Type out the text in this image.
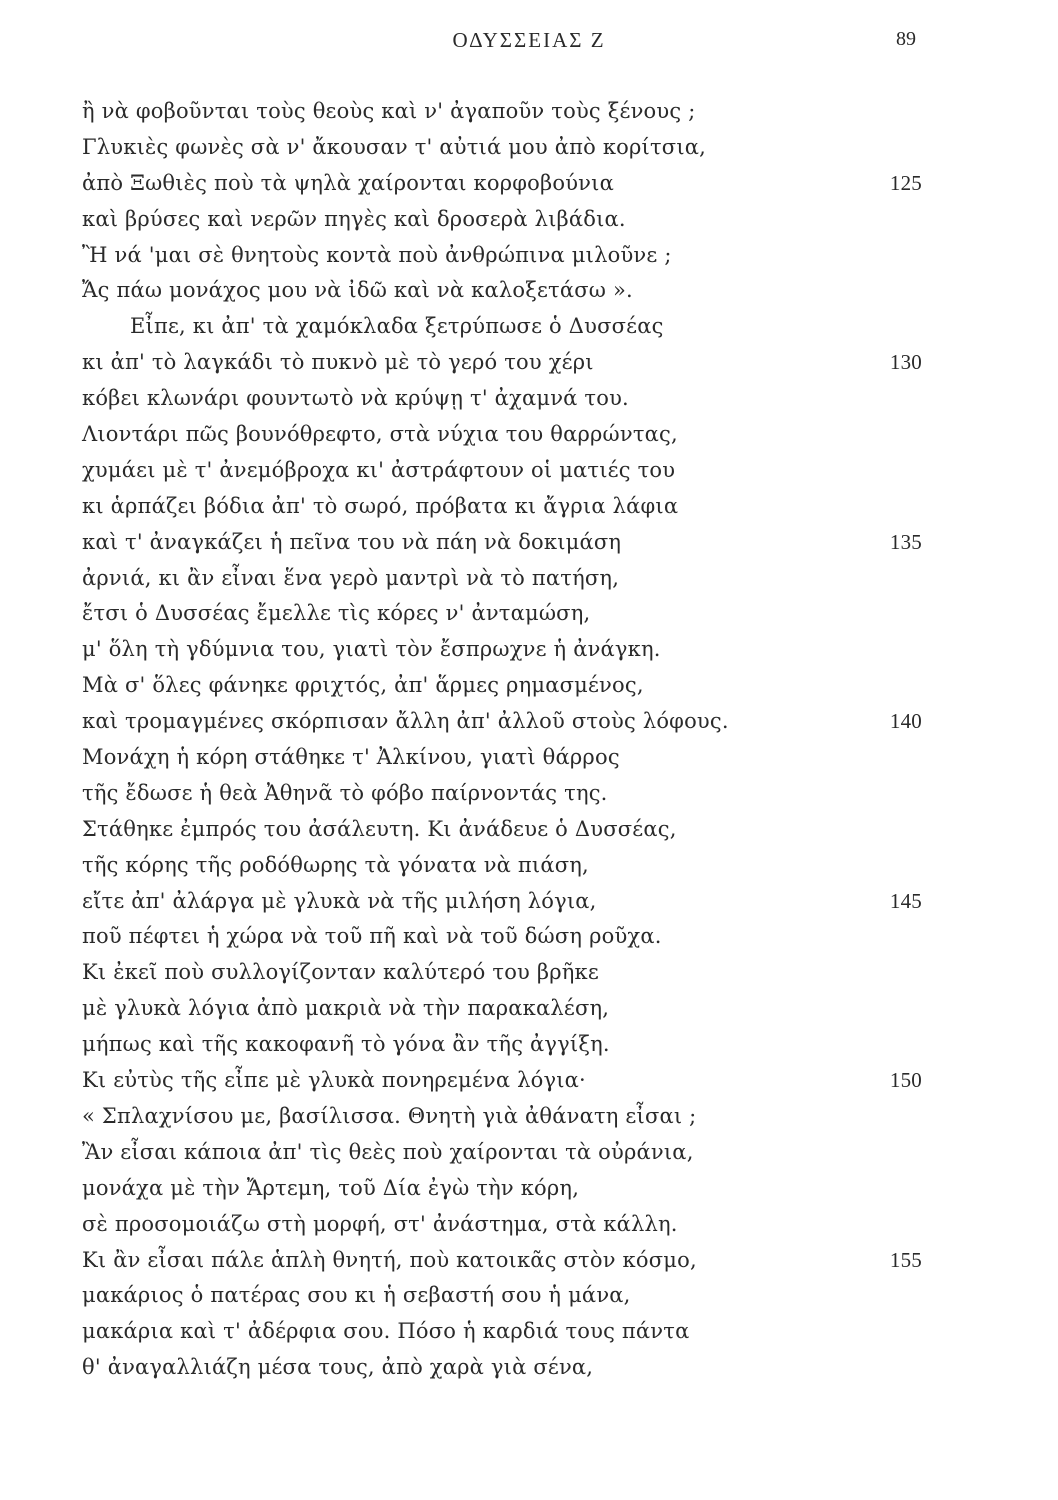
ΟΔΥΣΣΕΙΑΣ Ζ	89
ἢ νὰ φοβοῦνται τοὺς θεοὺς καὶ ν' ἀγαποῦν τοὺς ξένους ;
Γλυκιὲς φωνὲς σὰ ν' ἄκουσαν τ' αὐτιά μου ἀπὸ κορίτσια,
ἀπὸ Ξωθιὲς ποὺ τὰ ψηλὰ χαίρονται κορφοβούνια	125
καὶ βρύσες καὶ νερῶν πηγὲς καὶ δροσερὰ λιβάδια.
Ἢ νά 'μαι σὲ θνητοὺς κοντὰ ποὺ ἀνθρώπινα μιλοῦνε ;
Ἄς πάω μονάχος μου νὰ ἰδῶ καὶ νὰ καλοξετάσω ».
Εἶπε, κι ἀπ' τὰ χαμόκλαδα ξετρύπωσε ὁ Δυσσέας
κι ἀπ' τὸ λαγκάδι τὸ πυκνὸ μὲ τὸ γερό του χέρι	130
κόβει κλωνάρι φουντωτὸ νὰ κρύψῃ τ' ἀχαμνά του.
Λιοντάρι πῶς βουνόθρεφτο, στὰ νύχια του θαρρώντας,
χυμάει μὲ τ' ἀνεμόβροχα κι' ἀστράφτουν οἱ ματιές του
κι ἁρπάζει βόδια ἀπ' τὸ σωρό, πρόβατα κι ἄγρια λάφια
καὶ τ' ἀναγκάζει ἡ πεῖνα του νὰ πάη νὰ δοκιμάση	135
ἀρνιά, κι ἂν εἶναι ἕνα γερὸ μαντρὶ νὰ τὸ πατήση,
ἔτσι ὁ Δυσσέας ἔμελλε τὶς κόρες ν' ἀνταμώση,
μ' ὅλη τὴ γδύμνια του, γιατὶ τὸν ἔσπρωχνε ἡ ἀνάγκη.
Μὰ σ' ὅλες φάνηκε φριχτός, ἀπ' ἅρμες ρημασμένος,
καὶ τρομαγμένες σκόρπισαν ἄλλη ἀπ' ἀλλοῦ στοὺς λόφους.	140
Μονάχη ἡ κόρη στάθηκε τ' Ἀλκίνου, γιατὶ θάρρος
τῆς ἔδωσε ἡ θεὰ Ἀθηνᾶ τὸ φόβο παίρνοντάς της.
Στάθηκε ἐμπρός του ἀσάλευτη. Κι ἀνάδευε ὁ Δυσσέας,
τῆς κόρης τῆς ροδόθωρης τὰ γόνατα νὰ πιάση,
εἴτε ἀπ' ἀλάργα μὲ γλυκὰ νὰ τῆς μιλήση λόγια,	145
ποῦ πέφτει ἡ χώρα νὰ τοῦ πῆ καὶ νὰ τοῦ δώση ροῦχα.
Κι ἐκεῖ ποὺ συλλογίζονταν καλύτερό του βρῆκε
μὲ γλυκὰ λόγια ἀπὸ μακριὰ νὰ τὴν παρακαλέση,
μήπως καὶ τῆς κακοφανῆ τὸ γόνα ἂν τῆς ἀγγίξη.
Κι εὐτὺς τῆς εἶπε μὲ γλυκὰ πονηρεμένα λόγια·	150
« Σπλαχνίσου με, βασίλισσα. Θνητὴ γιὰ ἀθάνατη εἶσαι ;
Ἂν εἶσαι κάποια ἀπ' τὶς θεὲς ποὺ χαίρονται τὰ οὐράνια,
μονάχα μὲ τὴν Ἄρτεμη, τοῦ Δία ἐγὼ τὴν κόρη,
σὲ προσομοιάζω στὴ μορφή, στ' ἀνάστημα, στὰ κάλλη.
Κι ἂν εἶσαι πάλε ἁπλὴ θνητή, ποὺ κατοικᾶς στὸν κόσμο,	155
μακάριος ὁ πατέρας σου κι ἡ σεβαστή σου ἡ μάνα,
μακάρια καὶ τ' ἀδέρφια σου. Πόσο ἡ καρδιά τους πάντα
θ' ἀναγαλλιάζη μέσα τους, ἀπὸ χαρὰ γιὰ σένα,
